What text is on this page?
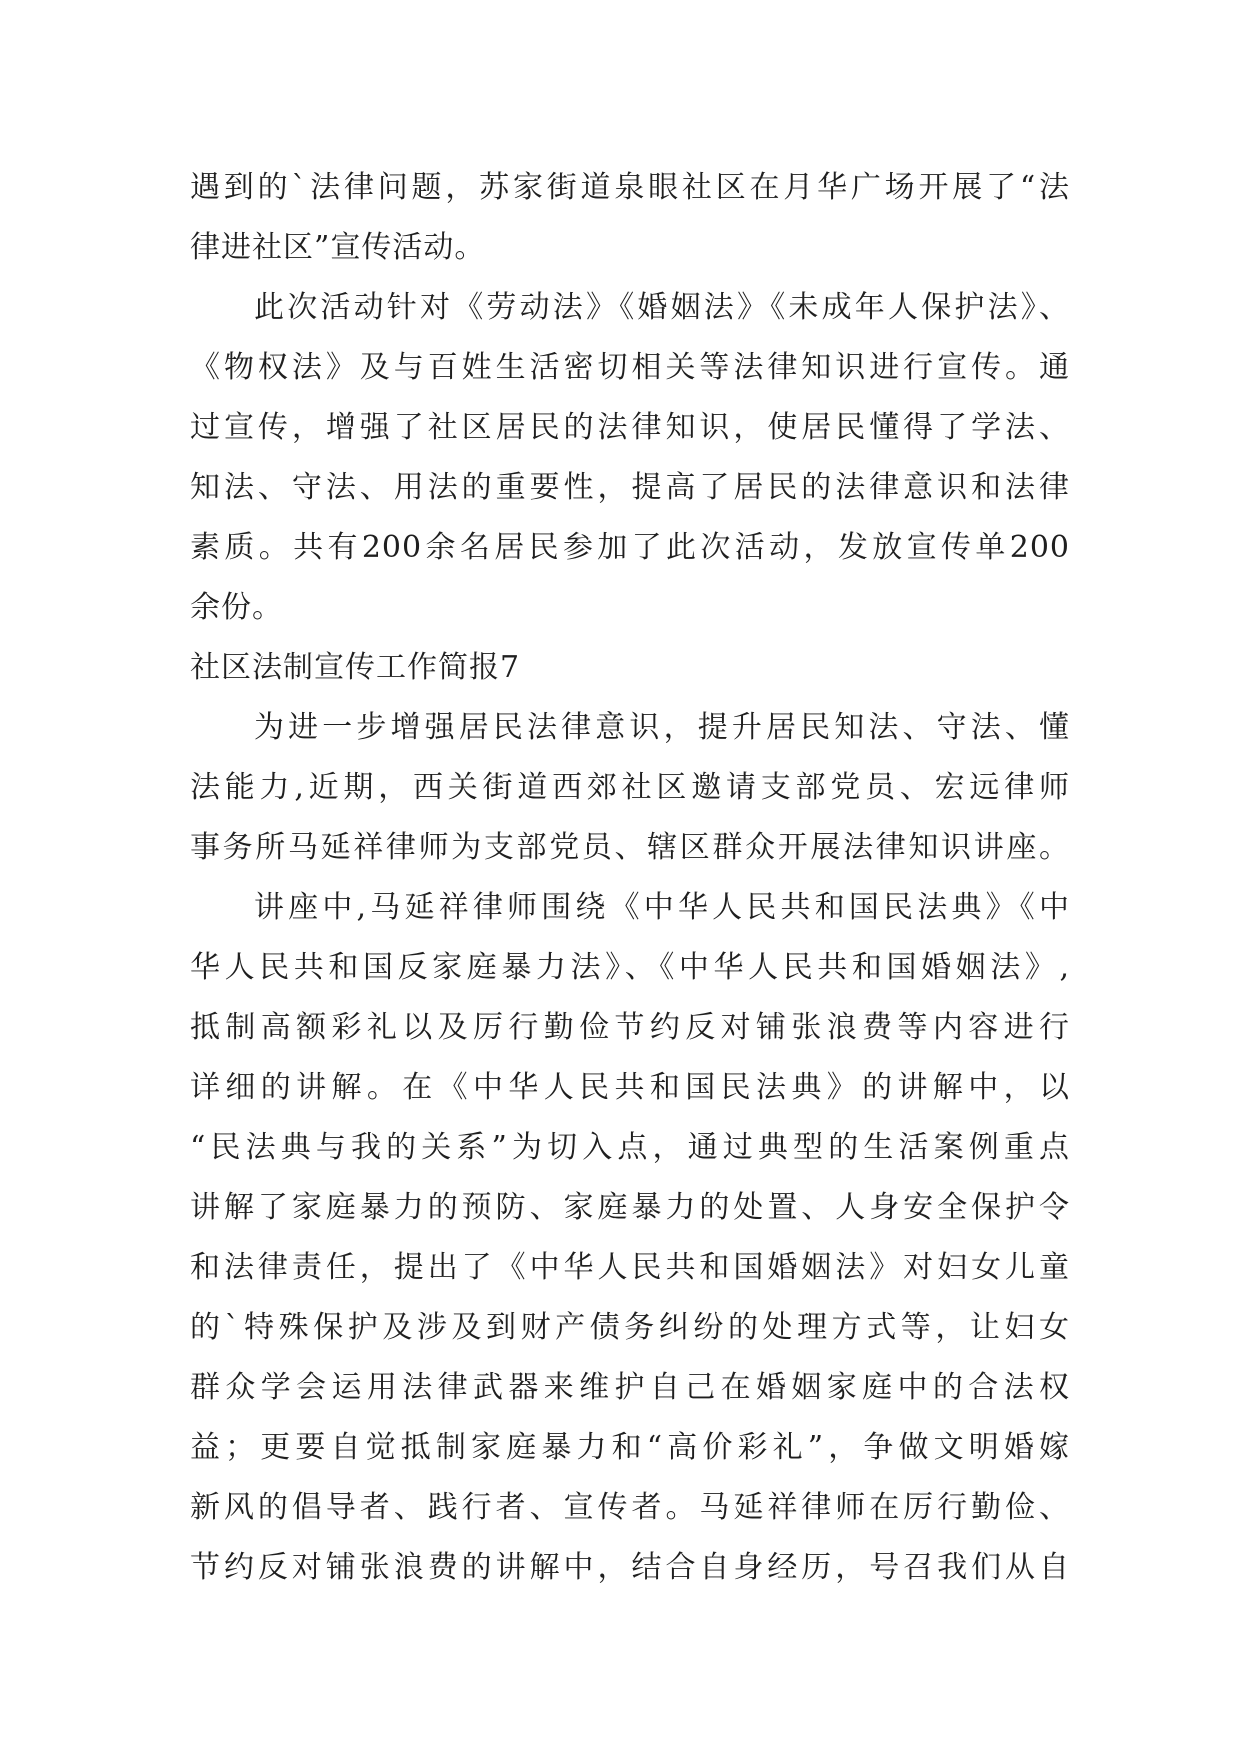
遇到的`法律问题，苏家街道泉眼社区在月华广场开展了“法
律进社区”宣传活动。
此次活动针对《劳动法》《婚姻法》《未成年人保护法》、
《物权法》及与百姓生活密切相关等法律知识进行宣传。通
过宣传，增强了社区居民的法律知识，使居民懂得了学法、
知法、守法、用法的重要性，提高了居民的法律意识和法律
素质。共有200余名居民参加了此次活动，发放宣传单200
余份。
社区法制宣传工作简报7
为进一步增强居民法律意识，提升居民知法、守法、懂
法能力,近期，西关街道西郊社区邀请支部党员、宏远律师
事务所马延祥律师为支部党员、辖区群众开展法律知识讲座。
讲座中,马延祥律师围绕《中华人民共和国民法典》《中
华人民共和国反家庭暴力法》、《中华人民共和国婚姻法》,
抵制高额彩礼以及厉行勤俭节约反对铺张浪费等内容进行
详细的讲解。在《中华人民共和国民法典》的讲解中，以
“民法典与我的关系”为切入点，通过典型的生活案例重点
讲解了家庭暴力的预防、家庭暴力的处置、人身安全保护令
和法律责任，提出了《中华人民共和国婚姻法》对妇女儿童
的`特殊保护及涉及到财产债务纠纷的处理方式等，让妇女
群众学会运用法律武器来维护自己在婚姻家庭中的合法权
益；更要自觉抵制家庭暴力和“高价彩礼”，争做文明婚嫁
新风的倡导者、践行者、宣传者。马延祥律师在厉行勤俭、
节约反对铺张浪费的讲解中，结合自身经历，号召我们从自
